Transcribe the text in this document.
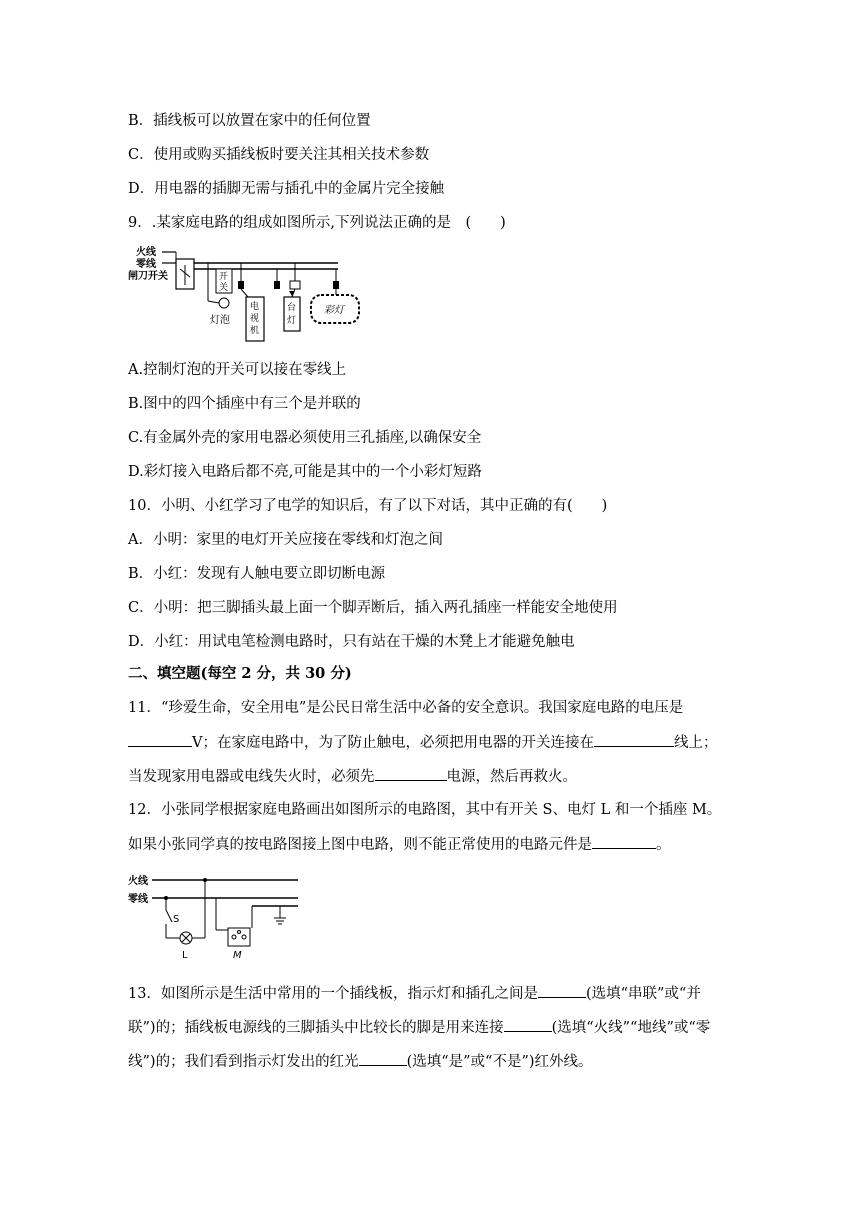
B．插线板可以放置在家中的任何位置
C．使用或购买插线板时要关注其相关技术参数
D．用电器的插脚无需与插孔中的金属片完全接触
9．.某家庭电路的组成如图所示,下列说法正确的是　(　　)
火线
零线
闸刀开关	开
关
灯泡
电
视
机
台
灯
彩灯
A.控制灯泡的开关可以接在零线上
B.图中的四个插座中有三个是并联的
C.有金属外壳的家用电器必须使用三孔插座,以确保安全
D.彩灯接入电路后都不亮,可能是其中的一个小彩灯短路
10．小明、小红学习了电学的知识后，有了以下对话，其中正确的有(　　)
A．小明：家里的电灯开关应接在零线和灯泡之间
B．小红：发现有人触电要立即切断电源
C．小明：把三脚插头最上面一个脚弄断后，插入两孔插座一样能安全地使用
D．小红：用试电笔检测电路时，只有站在干燥的木凳上才能避免触电
二、填空题(每空 2 分，共 30 分)
11．“珍爱生命，安全用电”是公民日常生活中必备的安全意识。我国家庭电路的电压是
V；在家庭电路中，为了防止触电，必须把用电器的开关连接在	线上；
当发现家用电器或电线失火时，必须先	电源，然后再救火。
12．小张同学根据家庭电路画出如图所示的电路图，其中有开关 S、电灯 L 和一个插座 M。
如果小张同学真的按电路图接上图中电路，则不能正常使用的电路元件是	。
火线
零线
S
L	M
13．如图所示是生活中常用的一个插线板，指示灯和插孔之间是	(选填“串联”或“并
联”)的；插线板电源线的三脚插头中比较长的脚是用来连接	(选填“火线”“地线”或“零
线”)的；我们看到指示灯发出的红光	(选填“是”或“不是”)红外线。
